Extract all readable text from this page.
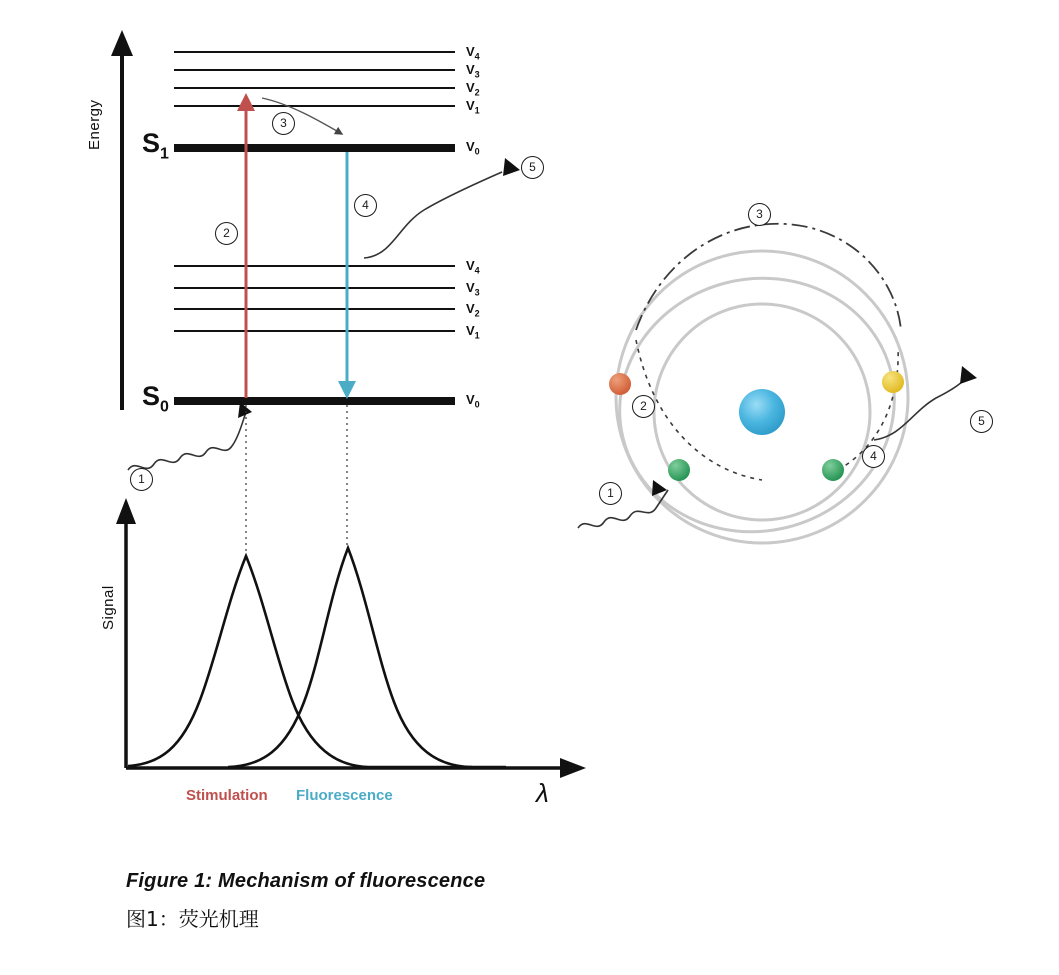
Energy $S_1$
$S_0$
$V_4$
$V_3$
$V_2$
$V_1$
$V_0$
$V_4$
$V_3$
$V_2$
$V_1$
$V_0$
1
2
3
4
5
Signal
λ
Stimulation Fluorescence
1
2
3
4
5
Figure 1: Mechanism of fluorescence
图1：荧光机理
